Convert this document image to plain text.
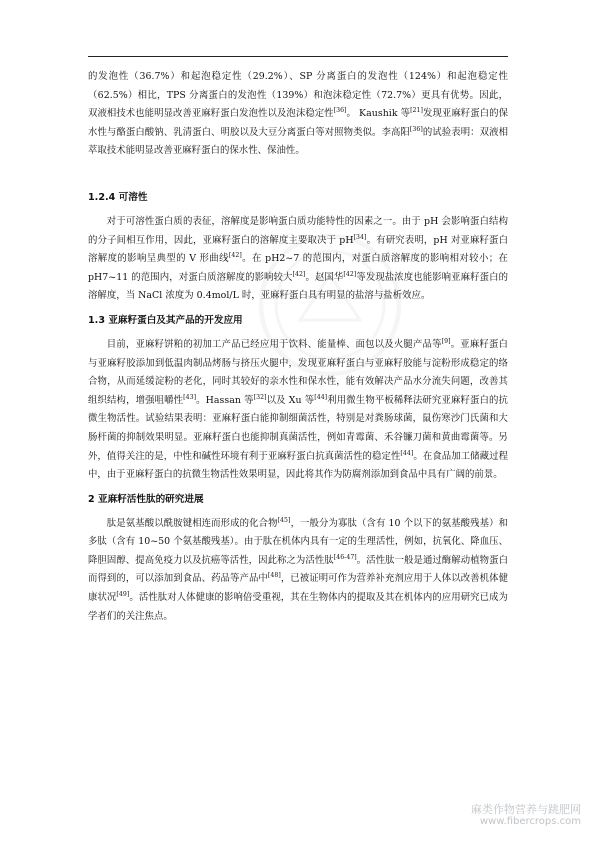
的发泡性（36.7%）和起泡稳定性（29.2%）、SP 分离蛋白的发泡性（124%）和起泡稳定性（62.5%）相比，TPS 分离蛋白的发泡性（139%）和泡沫稳定性（72.7%）更具有优势。因此，双液相技术也能明显改善亚麻籽蛋白发泡性以及泡沫稳定性[36]。 Kaushik 等[21]发现亚麻籽蛋白的保水性与酪蛋白酸钠、乳清蛋白、明胶以及大豆分离蛋白等对照物类似。李高阳[36]的试验表明：双液相萃取技术能明显改善亚麻籽蛋白的保水性、保油性。

1.2.4 可溶性

对于可溶性蛋白质的表征，溶解度是影响蛋白质功能特性的因素之一。由于 pH 会影响蛋白结构的分子间相互作用，因此，亚麻籽蛋白的溶解度主要取决于 pH[34]。有研究表明，pH 对亚麻籽蛋白溶解度的影响呈典型的 V 形曲线[42]。在 pH2~7 的范围内，对蛋白质溶解度的影响相对较小；在 pH7~11 的范围内，对蛋白质溶解度的影响较大[42]。赵国华[42]等发现盐浓度也能影响亚麻籽蛋白的溶解度，当 NaCl 浓度为 0.4mol/L 时，亚麻籽蛋白具有明显的盐溶与盐析效应。

1.3 亚麻籽蛋白及其产品的开发应用

目前，亚麻籽饼粕的初加工产品已经应用于饮料、能量棒、面包以及火腿产品等[9]。亚麻籽蛋白与亚麻籽胶添加到低温肉制品烤肠与挤压火腿中，发现亚麻籽蛋白与亚麻籽胶能与淀粉形成稳定的络合物，从而延缓淀粉的老化，同时其较好的亲水性和保水性，能有效解决产品水分流失问题，改善其组织结构，增强咀嚼性[43]。Hassan 等[32]以及 Xu 等[44]利用微生物平板稀释法研究亚麻籽蛋白的抗微生物活性。试验结果表明：亚麻籽蛋白能抑制细菌活性，特别是对粪肠球菌，鼠伤寒沙门氏菌和大肠杆菌的抑制效果明显。亚麻籽蛋白也能抑制真菌活性，例如青霉菌、禾谷镰刀菌和黄曲霉菌等。另外，值得关注的是，中性和碱性环境有利于亚麻籽蛋白抗真菌活性的稳定性[44]。在食品加工储藏过程中，由于亚麻籽蛋白的抗微生物活性效果明显，因此将其作为防腐剂添加到食品中具有广阔的前景。

2 亚麻籽活性肽的研究进展

肽是氨基酸以酰胺键相连而形成的化合物[45]，一般分为寡肽（含有 10 个以下的氨基酸残基）和多肽（含有 10~50 个氨基酸残基）。由于肽在机体内具有一定的生理活性，例如，抗氧化、降血压、降胆固醇、提高免疫力以及抗癌等活性，因此称之为活性肽[46-47]。活性肽一般是通过酶解动植物蛋白而得到的，可以添加到食品、药品等产品中[48]，已被证明可作为营养补充剂应用于人体以改善机体健康状况[49]。活性肽对人体健康的影响倍受重视，其在生物体内的提取及其在机体内的应用研究已成为学者们的关注焦点。

麻类作物营养与跳肥网
www.fibercrops.com
